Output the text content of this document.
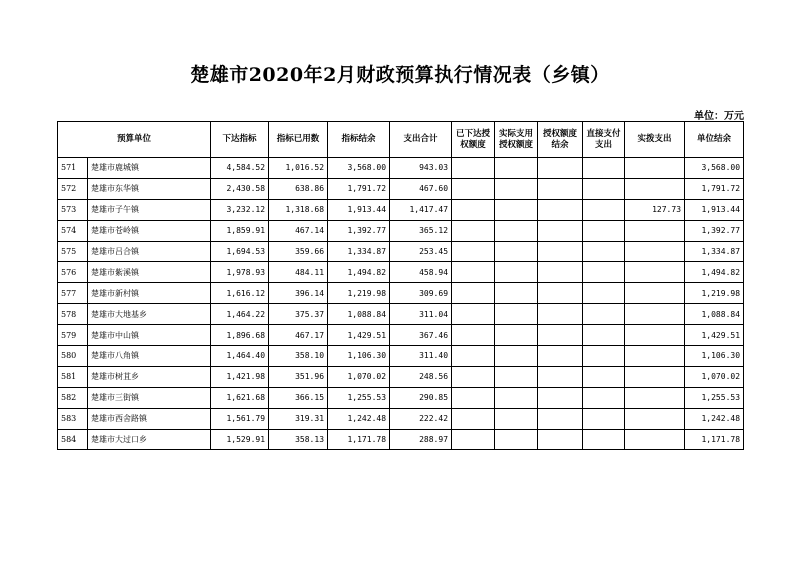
楚雄市2020年2月财政预算执行情况表（乡镇）
单位：万元
预算单位		下达指标	指标已用数	指标结余	支出合计	已下达授权额度	实际支用授权额度	授权额度结余	直接支付支出	实拨支出	单位结余
571	楚雄市鹿城镇	4,584.52	1,016.52	3,568.00	943.03						3,568.00
572	楚雄市东华镇	2,430.58	638.86	1,791.72	467.60						1,791.72
573	楚雄市子午镇	3,232.12	1,318.68	1,913.44	1,417.47					127.73	1,913.44
574	楚雄市苍岭镇	1,859.91	467.14	1,392.77	365.12						1,392.77
575	楚雄市吕合镇	1,694.53	359.66	1,334.87	253.45						1,334.87
576	楚雄市紫溪镇	1,978.93	484.11	1,494.82	458.94						1,494.82
577	楚雄市新村镇	1,616.12	396.14	1,219.98	309.69						1,219.98
578	楚雄市大地基乡	1,464.22	375.37	1,088.84	311.04						1,088.84
579	楚雄市中山镇	1,896.68	467.17	1,429.51	367.46						1,429.51
580	楚雄市八角镇	1,464.40	358.10	1,106.30	311.40						1,106.30
581	楚雄市树苴乡	1,421.98	351.96	1,070.02	248.56						1,070.02
582	楚雄市三街镇	1,621.68	366.15	1,255.53	290.85						1,255.53
583	楚雄市西舍路镇	1,561.79	319.31	1,242.48	222.42						1,242.48
584	楚雄市大过口乡	1,529.91	358.13	1,171.78	288.97						1,171.78
